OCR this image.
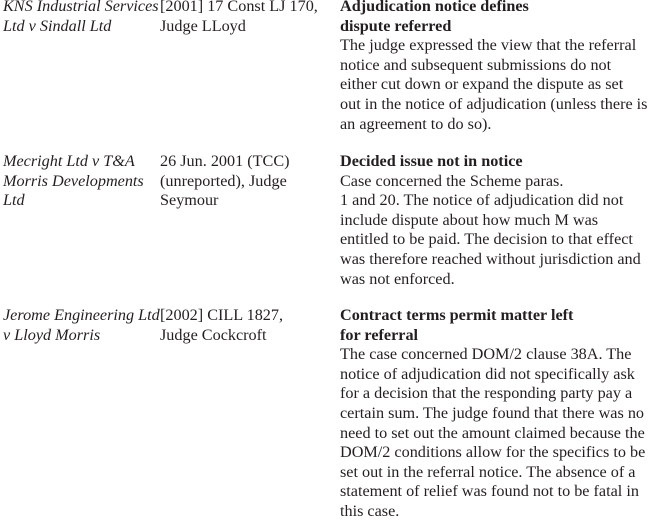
KNS Industrial Services
Ltd v Sindall Ltd
[2001] 17 Const LJ 170,
Judge LLoyd
Adjudication notice defines
dispute referred
The judge expressed the view that the referral
notice and subsequent submissions do not
either cut down or expand the dispute as set
out in the notice of adjudication (unless there is
an agreement to do so).
Mecright Ltd v T&A
Morris Developments
Ltd
26 Jun. 2001 (TCC)
(unreported), Judge
Seymour
Decided issue not in notice
Case concerned the Scheme paras.
1 and 20. The notice of adjudication did not
include dispute about how much M was
entitled to be paid. The decision to that effect
was therefore reached without jurisdiction and
was not enforced.
Jerome Engineering Ltd
v Lloyd Morris
[2002] CILL 1827,
Judge Cockcroft
Contract terms permit matter left
for referral
The case concerned DOM/2 clause 38A. The
notice of adjudication did not specifically ask
for a decision that the responding party pay a
certain sum. The judge found that there was no
need to set out the amount claimed because the
DOM/2 conditions allow for the specifics to be
set out in the referral notice. The absence of a
statement of relief was found not to be fatal in
this case.
